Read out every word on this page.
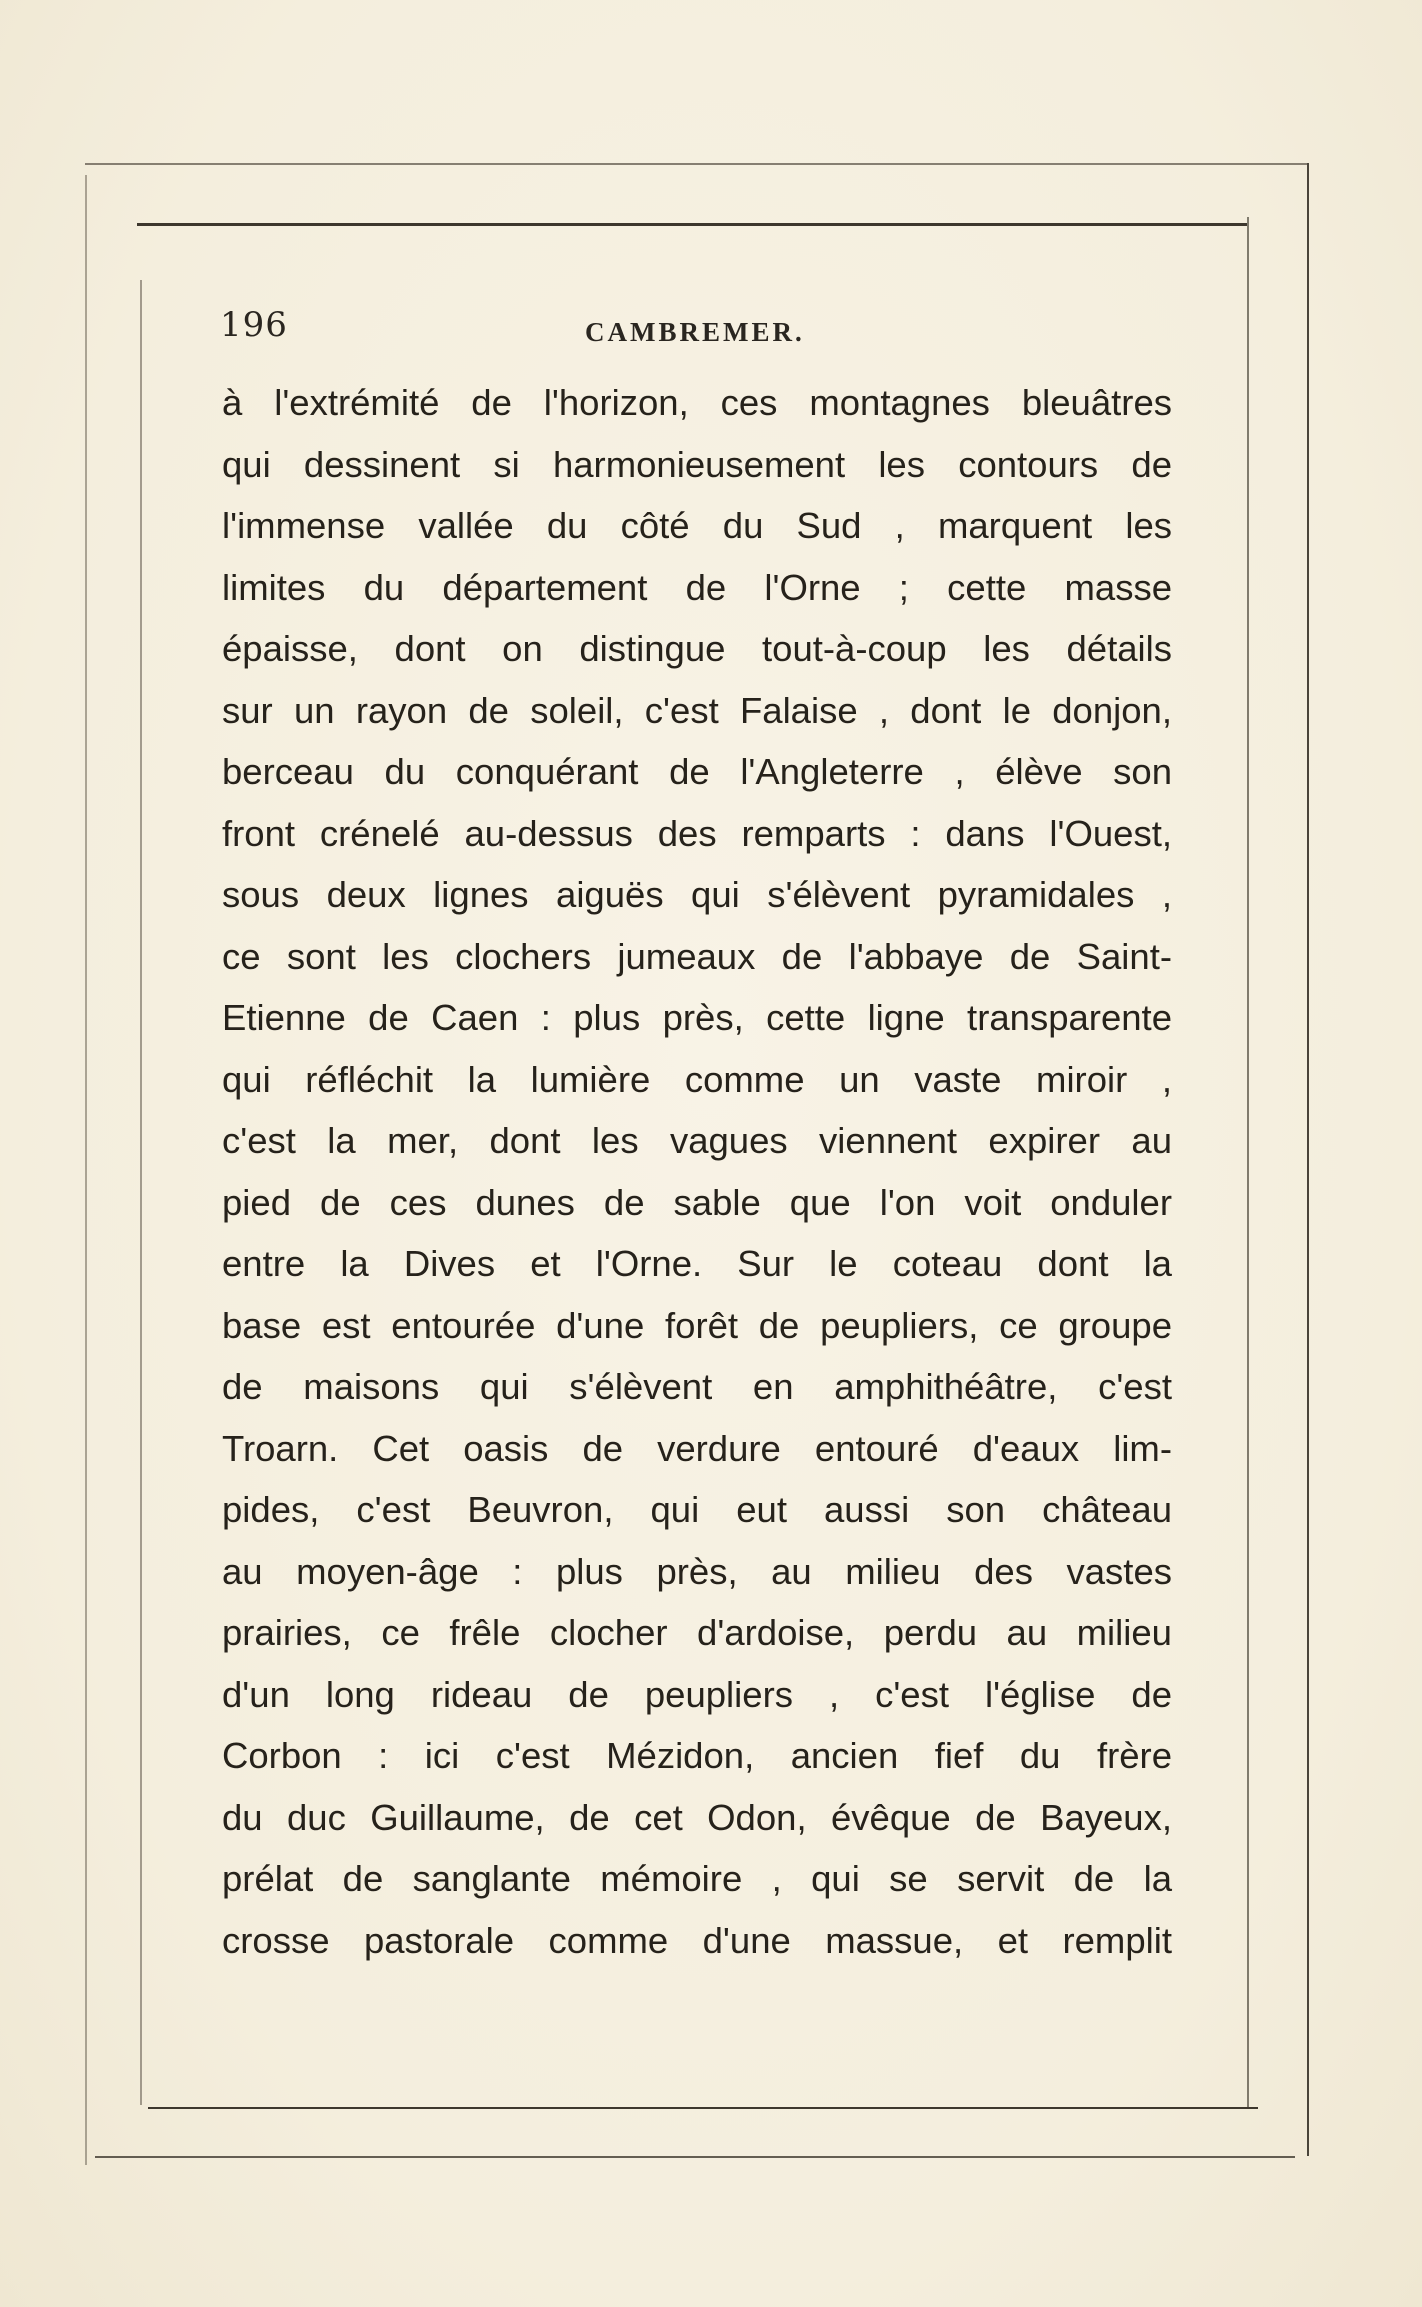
196	CAMBREMER.
à l'extrémité de l'horizon, ces montagnes bleuâtres
qui dessinent si harmonieusement les contours de
l'immense vallée du côté du Sud , marquent les
limites du département de l'Orne ; cette masse
épaisse, dont on distingue tout-à-coup les détails
sur un rayon de soleil, c'est Falaise , dont le donjon,
berceau du conquérant de l'Angleterre , élève son
front crénelé au-dessus des remparts : dans l'Ouest,
sous deux lignes aiguës qui s'élèvent pyramidales ,
ce sont les clochers jumeaux de l'abbaye de Saint-
Etienne de Caen : plus près, cette ligne transparente
qui réfléchit la lumière comme un vaste miroir ,
c'est la mer, dont les vagues viennent expirer au
pied de ces dunes de sable que l'on voit onduler
entre la Dives et l'Orne. Sur le coteau dont la
base est entourée d'une forêt de peupliers, ce groupe
de maisons qui s'élèvent en amphithéâtre, c'est
Troarn. Cet oasis de verdure entouré d'eaux lim-
pides, c'est Beuvron, qui eut aussi son château
au moyen-âge : plus près, au milieu des vastes
prairies, ce frêle clocher d'ardoise, perdu au milieu
d'un long rideau de peupliers , c'est l'église de
Corbon : ici c'est Mézidon, ancien fief du frère
du duc Guillaume, de cet Odon, évêque de Bayeux,
prélat de sanglante mémoire , qui se servit de la
crosse pastorale comme d'une massue, et remplit
